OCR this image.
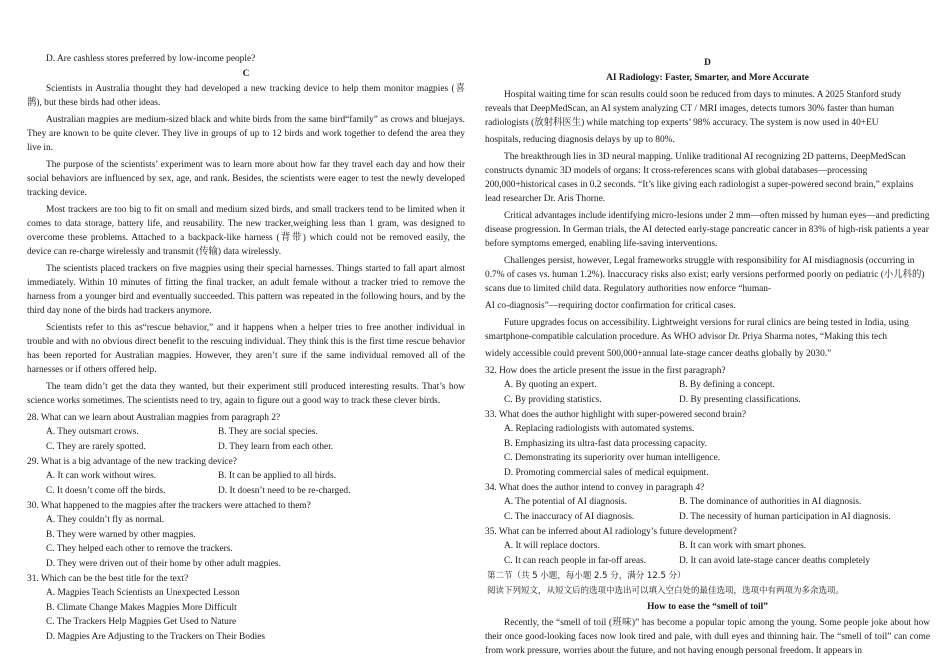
D. Are cashless stores preferred by low-income people?

C

Scientists in Australia thought they had developed a new tracking device to help them monitor magpies (喜 鹊), but these birds had other ideas.

Australian magpies are medium-sized black and white birds from the same bird“family” as crows and bluejays. They are known to be quite clever. They live in groups of up to 12 birds and work together to defend the area they live in.

The purpose of the scientists’ experiment was to learn more about how far they travel each day and how their social behaviors are influenced by sex, age, and rank. Besides, the scientists were eager to test the newly developed tracking device.

Most trackers are too big to fit on small and medium sized birds, and small trackers tend to be limited when it comes to data storage, battery life, and reusability. The new tracker,weighing less than 1 gram, was designed to overcome these problems. Attached to a backpack-like harness (背带) which could not be removed easily, the device can re-charge wirelessly and transmit (传输) data wirelessly.

The scientists placed trackers on five magpies using their special harnesses. Things started to fall apart almost immediately. Within 10 minutes of fitting the final tracker, an adult female without a tracker tried to remove the harness from a younger bird and eventually succeeded. This pattern was repeated in the following hours, and by the third day none of the birds had trackers anymore.

Scientists refer to this as“rescue behavior,” and it happens when a helper tries to free another individual in trouble and with no obvious direct benefit to the rescuing individual. They think this is the first time rescue behavior has been reported for Australian magpies. However, they aren’t sure if the same individual removed all of the harnesses or if others offered help.

The team didn’t get the data they wanted, but their experiment still produced interesting results. That’s how science works sometimes. The scientists need to try, again to figure out a good way to track these clever birds.

28. What can we learn about Australian magpies from paragraph 2?

A. They outsmart crows.	B. They are social species.
C. They are rarely spotted.	D. They learn from each other.

29. What is a big advantage of the new tracking device?

A. It can work without wires.	B. It can be applied to all birds.
C. It doesn’t come off the birds.	D. It doesn’t need to be re-charged.

30. What happened to the magpies after the trackers were attached to them?

A. They couldn’t fly as normal.
B. They were warned by other magpies.
C. They helped each other to remove the trackers.
D. They were driven out of their home by other adult magpies.

31. Which can be the best title for the text?

A. Magpies Teach Scientists an Unexpected Lesson
B. Climate Change Makes Magpies More Difficult
C. The Trackers Help Magpies Get Used to Nature
D. Magpies Are Adjusting to the Trackers on Their Bodies

D

AI Radiology: Faster, Smarter, and More Accurate

Hospital waiting time for scan results could soon be reduced from days to minutes. A 2025 Stanford study reveals that DeepMedScan, an AI system analyzing CT / MRI images, detects tumors 30% faster than human radiologists (放射科医生) while matching top experts’ 98% accuracy. The system is now used in 40+EU

hospitals, reducing diagnosis delays by up to 80%.

The breakthrough lies in 3D neural mapping. Unlike traditional AI recognizing 2D patterns, DeepMedScan constructs dynamic 3D models of organs: It cross-references scans with global databases—processing 200,000+historical cases in 0.2 seconds. “It’s like giving each radiologist a super-powered second brain,” explains lead researcher Dr. Aris Thorne.

Critical advantages include identifying micro-lesions under 2 mm—often missed by human eyes—and predicting disease progression. In German trials, the AI detected early-stage pancreatic cancer in 83% of high-risk patients a year before symptoms emerged, enabling life-saving interventions.

Challenges persist, however, Legal frameworks struggle with responsibility for AI misdiagnosis (occurring in 0.7% of cases vs. human 1.2%). Inaccuracy risks also exist; early versions performed poorly on pediatric (小儿科的) scans due to limited child data. Regulatory authorities now enforce “human-

AI co-diagnosis”—requiring doctor confirmation for critical cases.

Future upgrades focus on accessibility. Lightweight versions for rural clinics are being tested in India, using smartphone-compatible calculation procedure. As WHO advisor Dr. Priya Sharma notes, “Making this tech

widely accessible could prevent 500,000+annual late-stage cancer deaths globally by 2030.”

32. How does the article present the issue in the first paragraph?

A. By quoting an expert.	B. By defining a concept.
C. By providing statistics.	D. By presenting classifications.

33. What does the author highlight with super-powered second brain?

A. Replacing radiologists with automated systems.
B. Emphasizing its ultra-fast data processing capacity.
C. Demonstrating its superiority over human intelligence.
D. Promoting commercial sales of medical equipment.

34. What does the author intend to convey in paragraph 4?

A. The potential of AI diagnosis.	B. The dominance of authorities in AI diagnosis.
C. The inaccuracy of AI diagnosis.	D. The necessity of human participation in AI diagnosis.

35. What can be inferred about AI radiology’s future development?

A. It will replace doctors.	B. It can work with smart phones.
C. It can reach people in far-off areas.	D. It can avoid late-stage cancer deaths completely

第二节（共 5 小题，每小题 2.5 分，满分 12.5 分）

阅读下列短文，从短文后的选项中选出可以填入空白处的最佳选项，选项中有两项为多余选项。

How to ease the “smell of toil”

Recently, the “smell of toil (班味)” has become a popular topic among the young. Some people joke about how their once good-looking faces now look tired and pale, with dull eyes and thinning hair. The “smell of toil” can come from work pressure, worries about the future, and not having enough personal freedom. It appears in
